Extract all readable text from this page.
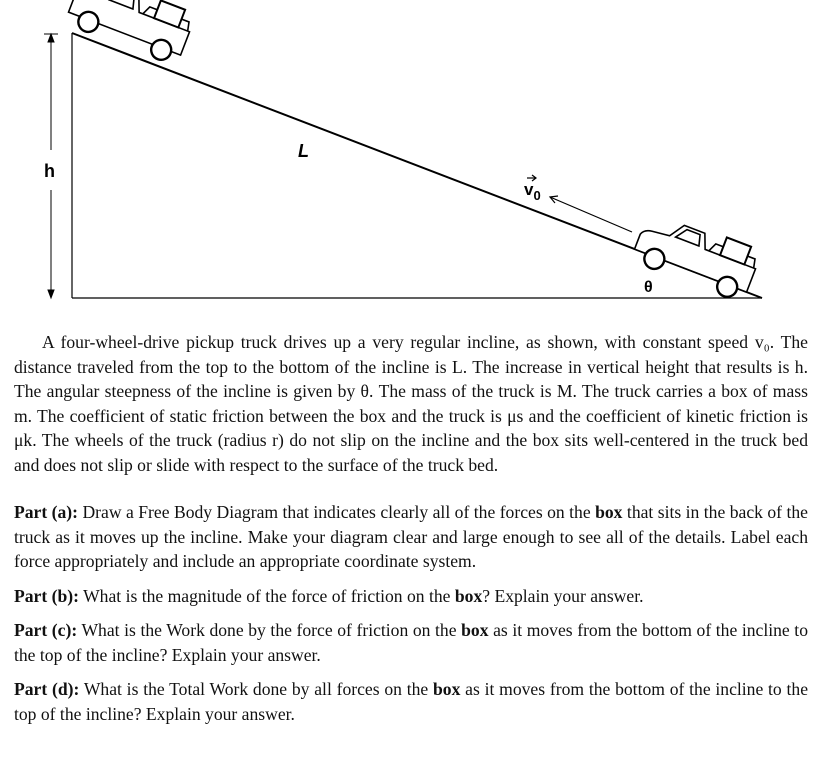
h
L
$v_0$
θ

A four-wheel-drive pickup truck drives up a very regular incline, as shown, with constant speed v₀. The distance traveled from the top to the bottom of the incline is L. The increase in vertical height that results is h. The angular steepness of the incline is given by θ. The mass of the truck is M. The truck carries a box of mass m. The coefficient of static friction between the box and the truck is μs and the coefficient of kinetic friction is μk. The wheels of the truck (radius r) do not slip on the incline and the box sits well-centered in the truck bed and does not slip or slide with respect to the surface of the truck bed.

Part (a): Draw a Free Body Diagram that indicates clearly all of the forces on the box that sits in the back of the truck as it moves up the incline. Make your diagram clear and large enough to see all of the details. Label each force appropriately and include an appropriate coordinate system.

Part (b): What is the magnitude of the force of friction on the box? Explain your answer.

Part (c): What is the Work done by the force of friction on the box as it moves from the bottom of the incline to the top of the incline? Explain your answer.

Part (d): What is the Total Work done by all forces on the box as it moves from the bottom of the incline to the top of the incline? Explain your answer.
